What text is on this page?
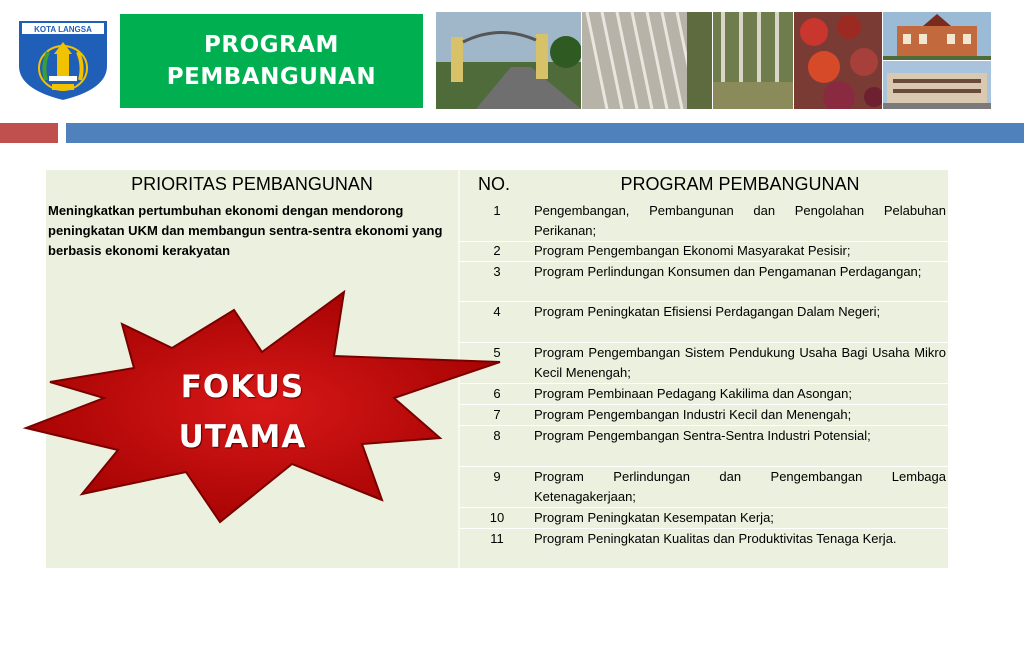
KOTA LANGSA
PROGRAM
PEMBANGUNAN
PRIORITAS PEMBANGUNAN
Meningkatkan pertumbuhan ekonomi dengan mendorong peningkatan UKM dan membangun sentra-sentra ekonomi yang berbasis ekonomi kerakyatan
NO.	PROGRAM PEMBANGUNAN
1	Pengembangan, Pembangunan dan Pengolahan Pelabuhan Perikanan;
2	Program Pengembangan Ekonomi Masyarakat Pesisir;
3	Program Perlindungan Konsumen dan Pengamanan Perdagangan;
4	Program Peningkatan Efisiensi Perdagangan Dalam Negeri;
5	Program Pengembangan Sistem Pendukung Usaha Bagi Usaha Mikro Kecil Menengah;
6	Program Pembinaan Pedagang Kakilima dan Asongan;
7	Program Pengembangan Industri Kecil dan Menengah;
8	Program Pengembangan Sentra-Sentra Industri Potensial;
9	Program Perlindungan dan Pengembangan Lembaga Ketenagakerjaan;
10	Program Peningkatan Kesempatan Kerja;
11	Program Peningkatan Kualitas dan Produktivitas Tenaga Kerja.
FOKUS
UTAMA
